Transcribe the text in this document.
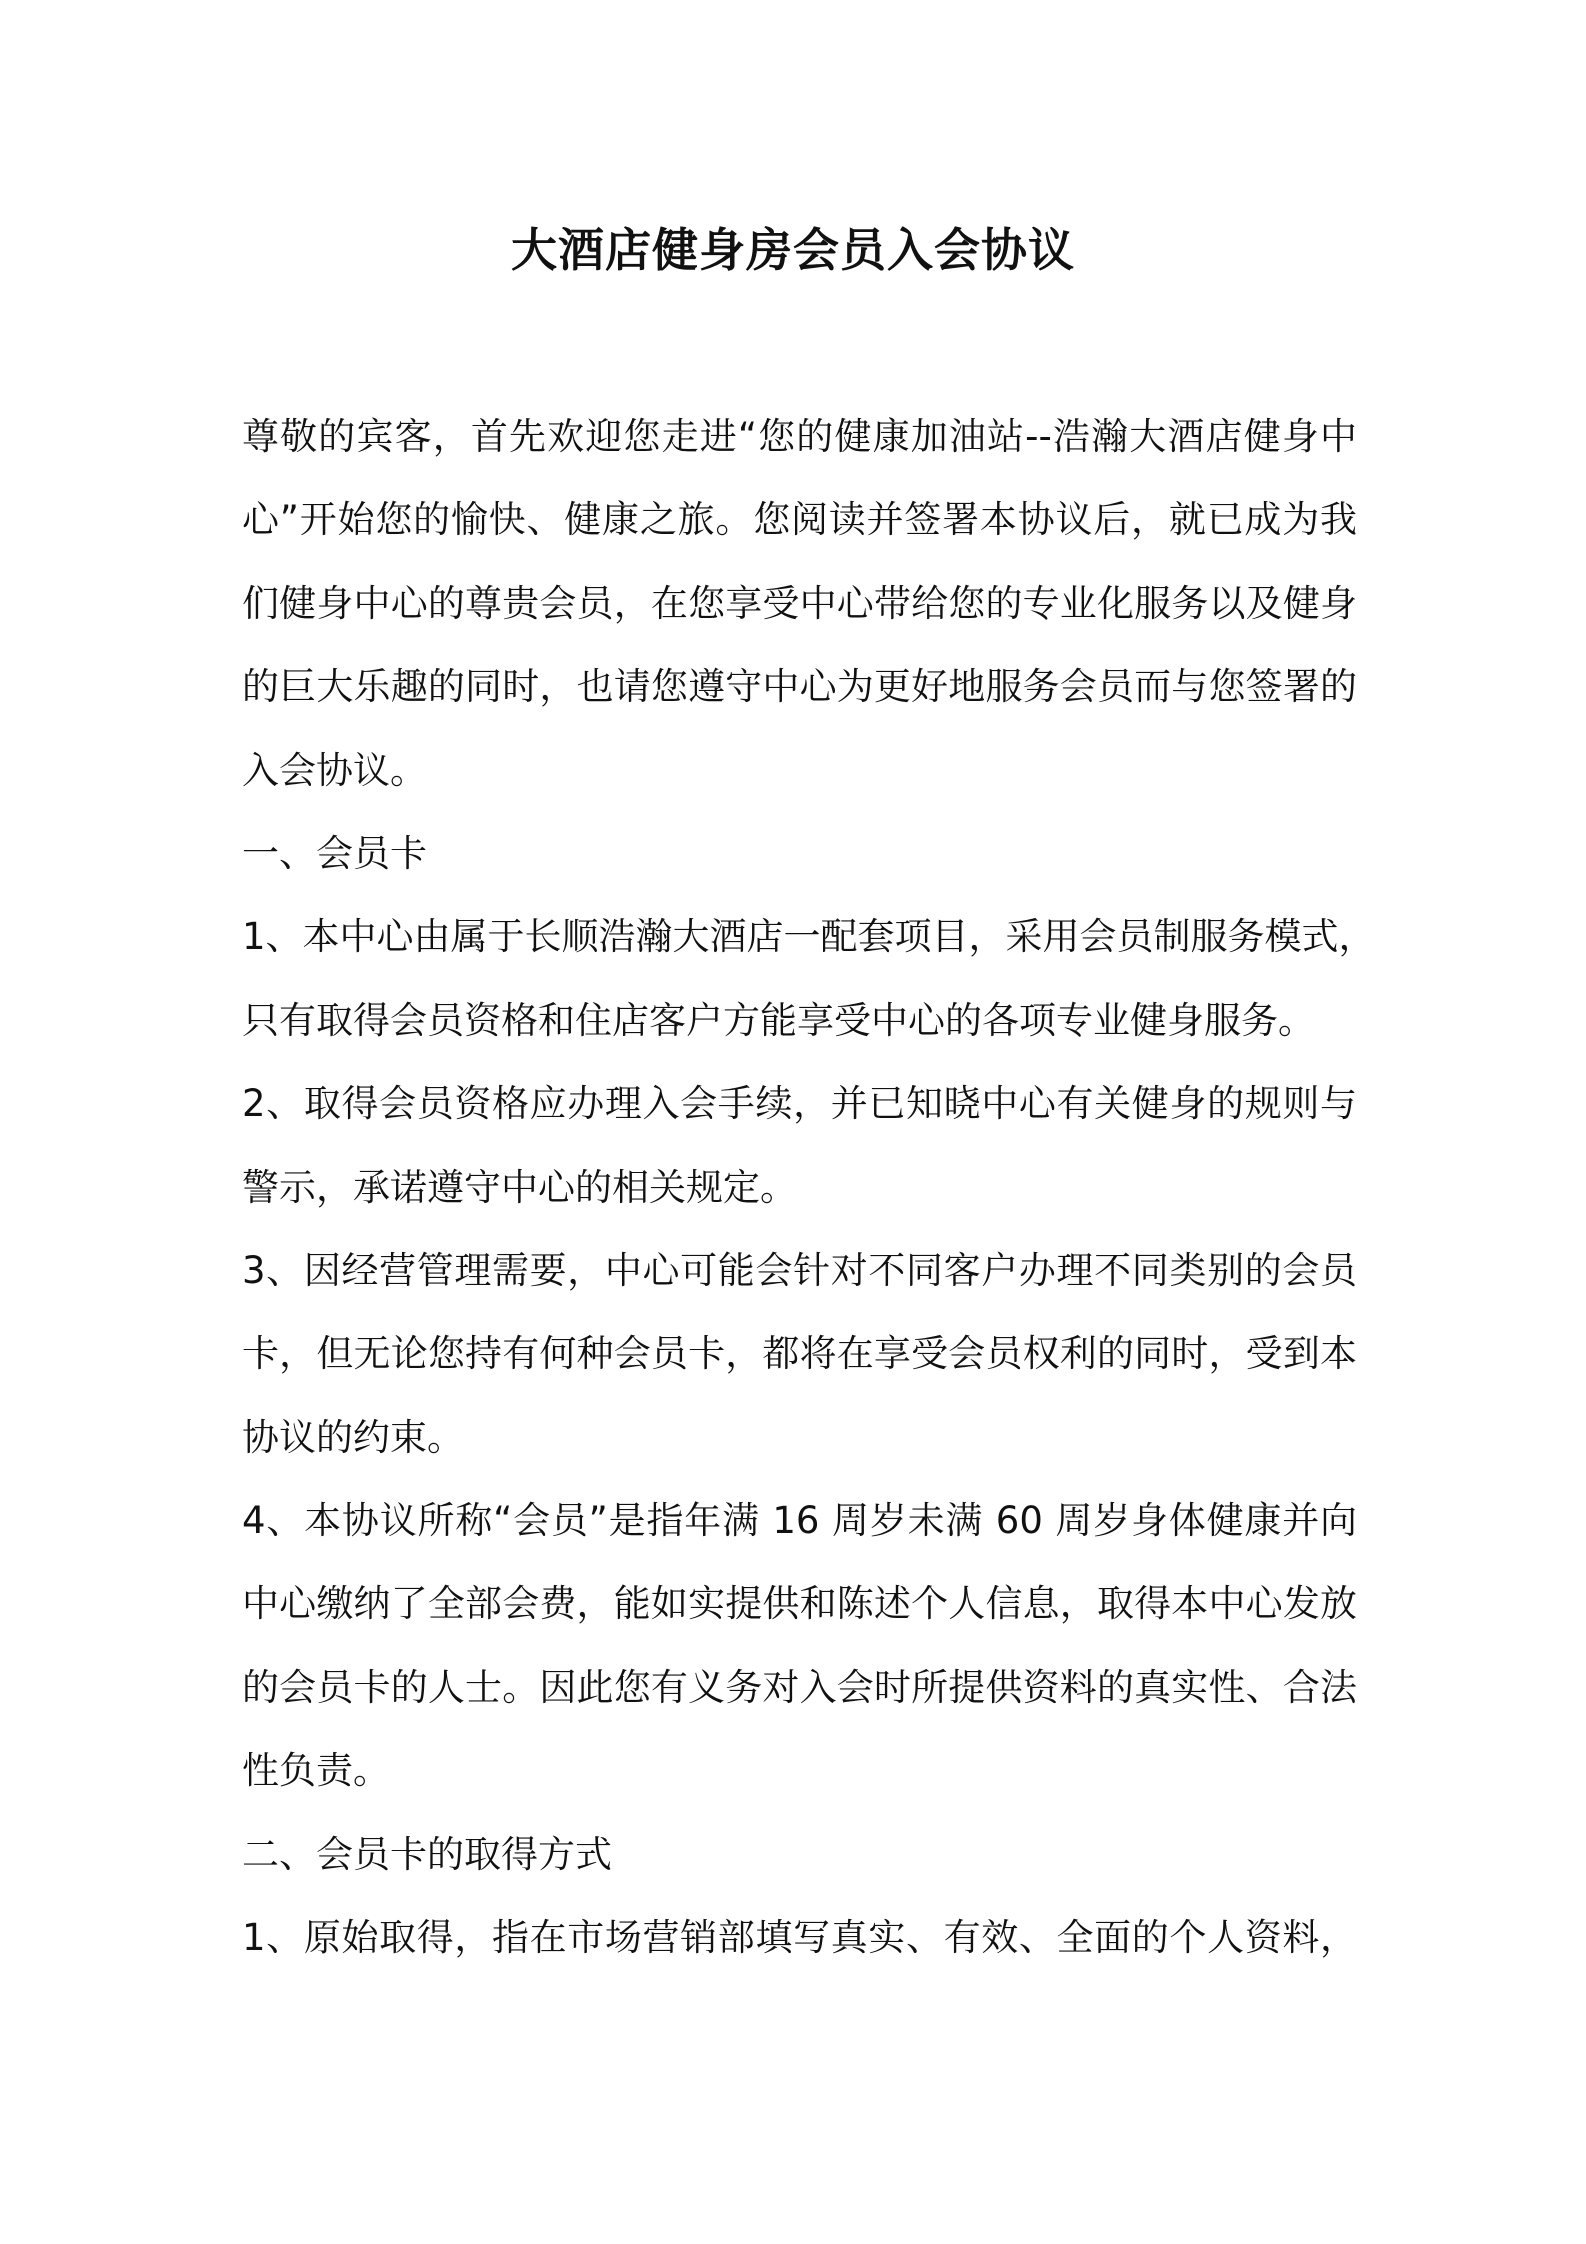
大酒店健身房会员入会协议
尊敬的宾客，首先欢迎您走进“您的健康加油站--浩瀚大酒店健身中
心”开始您的愉快、健康之旅。您阅读并签署本协议后，就已成为我
们健身中心的尊贵会员，在您享受中心带给您的专业化服务以及健身
的巨大乐趣的同时，也请您遵守中心为更好地服务会员而与您签署的
入会协议。
一、会员卡
1、本中心由属于长顺浩瀚大酒店一配套项目，采用会员制服务模式，
只有取得会员资格和住店客户方能享受中心的各项专业健身服务。
2、取得会员资格应办理入会手续，并已知晓中心有关健身的规则与
警示，承诺遵守中心的相关规定。
3、因经营管理需要，中心可能会针对不同客户办理不同类别的会员
卡，但无论您持有何种会员卡，都将在享受会员权利的同时，受到本
协议的约束。
4、本协议所称“会员”是指年满 16 周岁未满 60 周岁身体健康并向
中心缴纳了全部会费，能如实提供和陈述个人信息，取得本中心发放
的会员卡的人士。因此您有义务对入会时所提供资料的真实性、合法
性负责。
二、会员卡的取得方式
1、原始取得，指在市场营销部填写真实、有效、全面的个人资料，
